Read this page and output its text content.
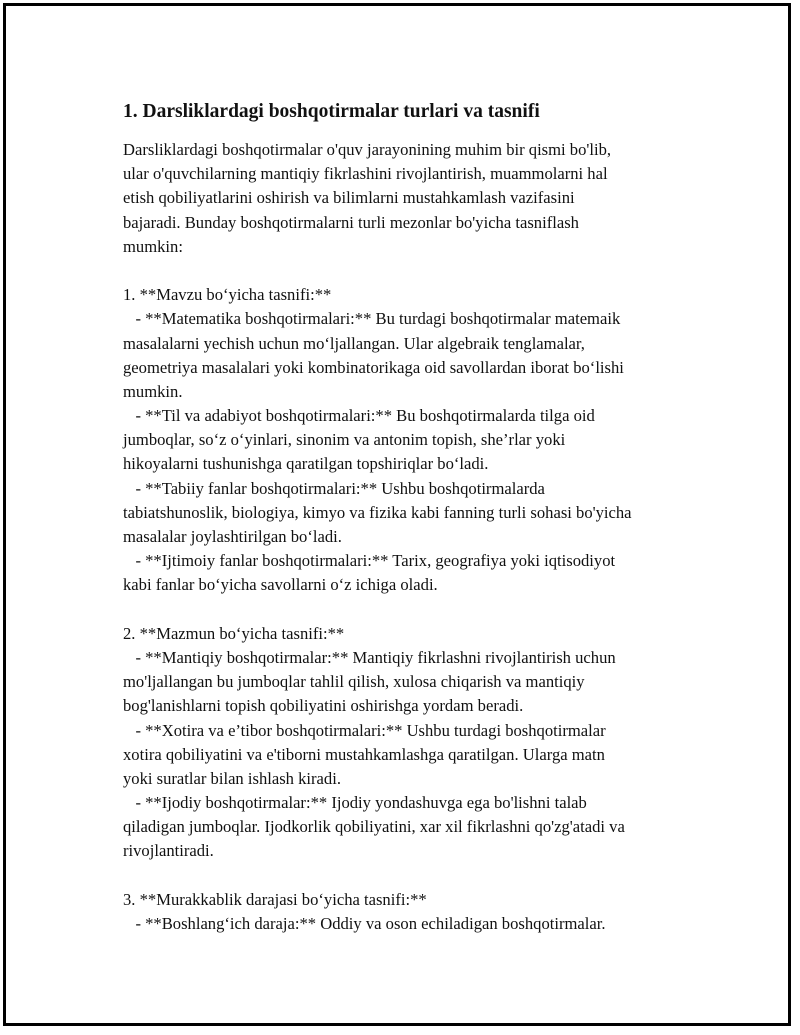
1. Darsliklardagi boshqotirmalar turlari va tasnifi
Darsliklardagi boshqotirmalar o'quv jarayonining muhim bir qismi bo'lib,
ular o'quvchilarning mantiqiy fikrlashini rivojlantirish, muammolarni hal
etish qobiliyatlarini oshirish va bilimlarni mustahkamlash vazifasini
bajaradi. Bunday boshqotirmalarni turli mezonlar bo'yicha tasniflash
mumkin:
1. **Mavzu bo‘yicha tasnifi:**
- **Matematika boshqotirmalari:** Bu turdagi boshqotirmalar matemaik
masalalarni yechish uchun mo‘ljallangan. Ular algebraik tenglamalar,
geometriya masalalari yoki kombinatorikaga oid savollardan iborat bo‘lishi
mumkin.
- **Til va adabiyot boshqotirmalari:** Bu boshqotirmalarda tilga oid
jumboqlar, so‘z o‘yinlari, sinonim va antonim topish, she’rlar yoki
hikoyalarni tushunishga qaratilgan topshiriqlar bo‘ladi.
- **Tabiiy fanlar boshqotirmalari:** Ushbu boshqotirmalarda
tabiatshunoslik, biologiya, kimyo va fizika kabi fanning turli sohasi bo'yicha
masalalar joylashtirilgan bo‘ladi.
- **Ijtimoiy fanlar boshqotirmalari:** Tarix, geografiya yoki iqtisodiyot
kabi fanlar bo‘yicha savollarni o‘z ichiga oladi.
2. **Mazmun bo‘yicha tasnifi:**
- **Mantiqiy boshqotirmalar:** Mantiqiy fikrlashni rivojlantirish uchun
mo'ljallangan bu jumboqlar tahlil qilish, xulosa chiqarish va mantiqiy
bog'lanishlarni topish qobiliyatini oshirishga yordam beradi.
- **Xotira va e’tibor boshqotirmalari:** Ushbu turdagi boshqotirmalar
xotira qobiliyatini va e'tiborni mustahkamlashga qaratilgan. Ularga matn
yoki suratlar bilan ishlash kiradi.
- **Ijodiy boshqotirmalar:** Ijodiy yondashuvga ega bo'lishni talab
qiladigan jumboqlar. Ijodkorlik qobiliyatini, xar xil fikrlashni qo'zg'atadi va
rivojlantiradi.
3. **Murakkablik darajasi bo‘yicha tasnifi:**
- **Boshlang‘ich daraja:** Oddiy va oson echiladigan boshqotirmalar.
